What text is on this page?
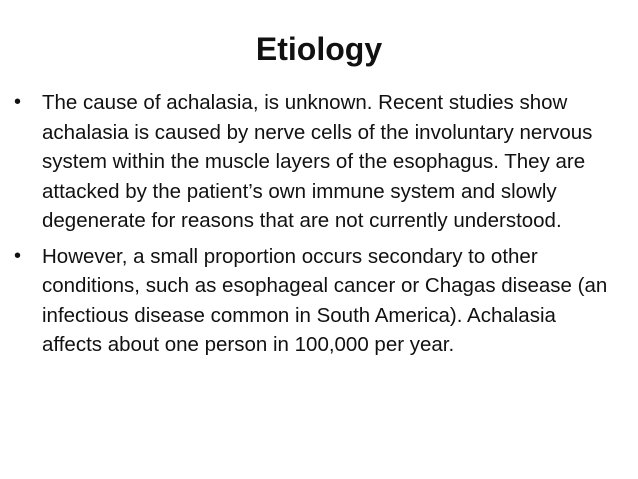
Etiology
• The cause of achalasia, is unknown. Recent studies show achalasia is caused by nerve cells of the involuntary nervous system within the muscle layers of the esophagus. They are attacked by the patient’s own immune system and slowly degenerate for reasons that are not currently understood.
• However, a small proportion occurs secondary to other conditions, such as esophageal cancer or Chagas disease (an infectious disease common in South America). Achalasia affects about one person in 100,000 per year.
